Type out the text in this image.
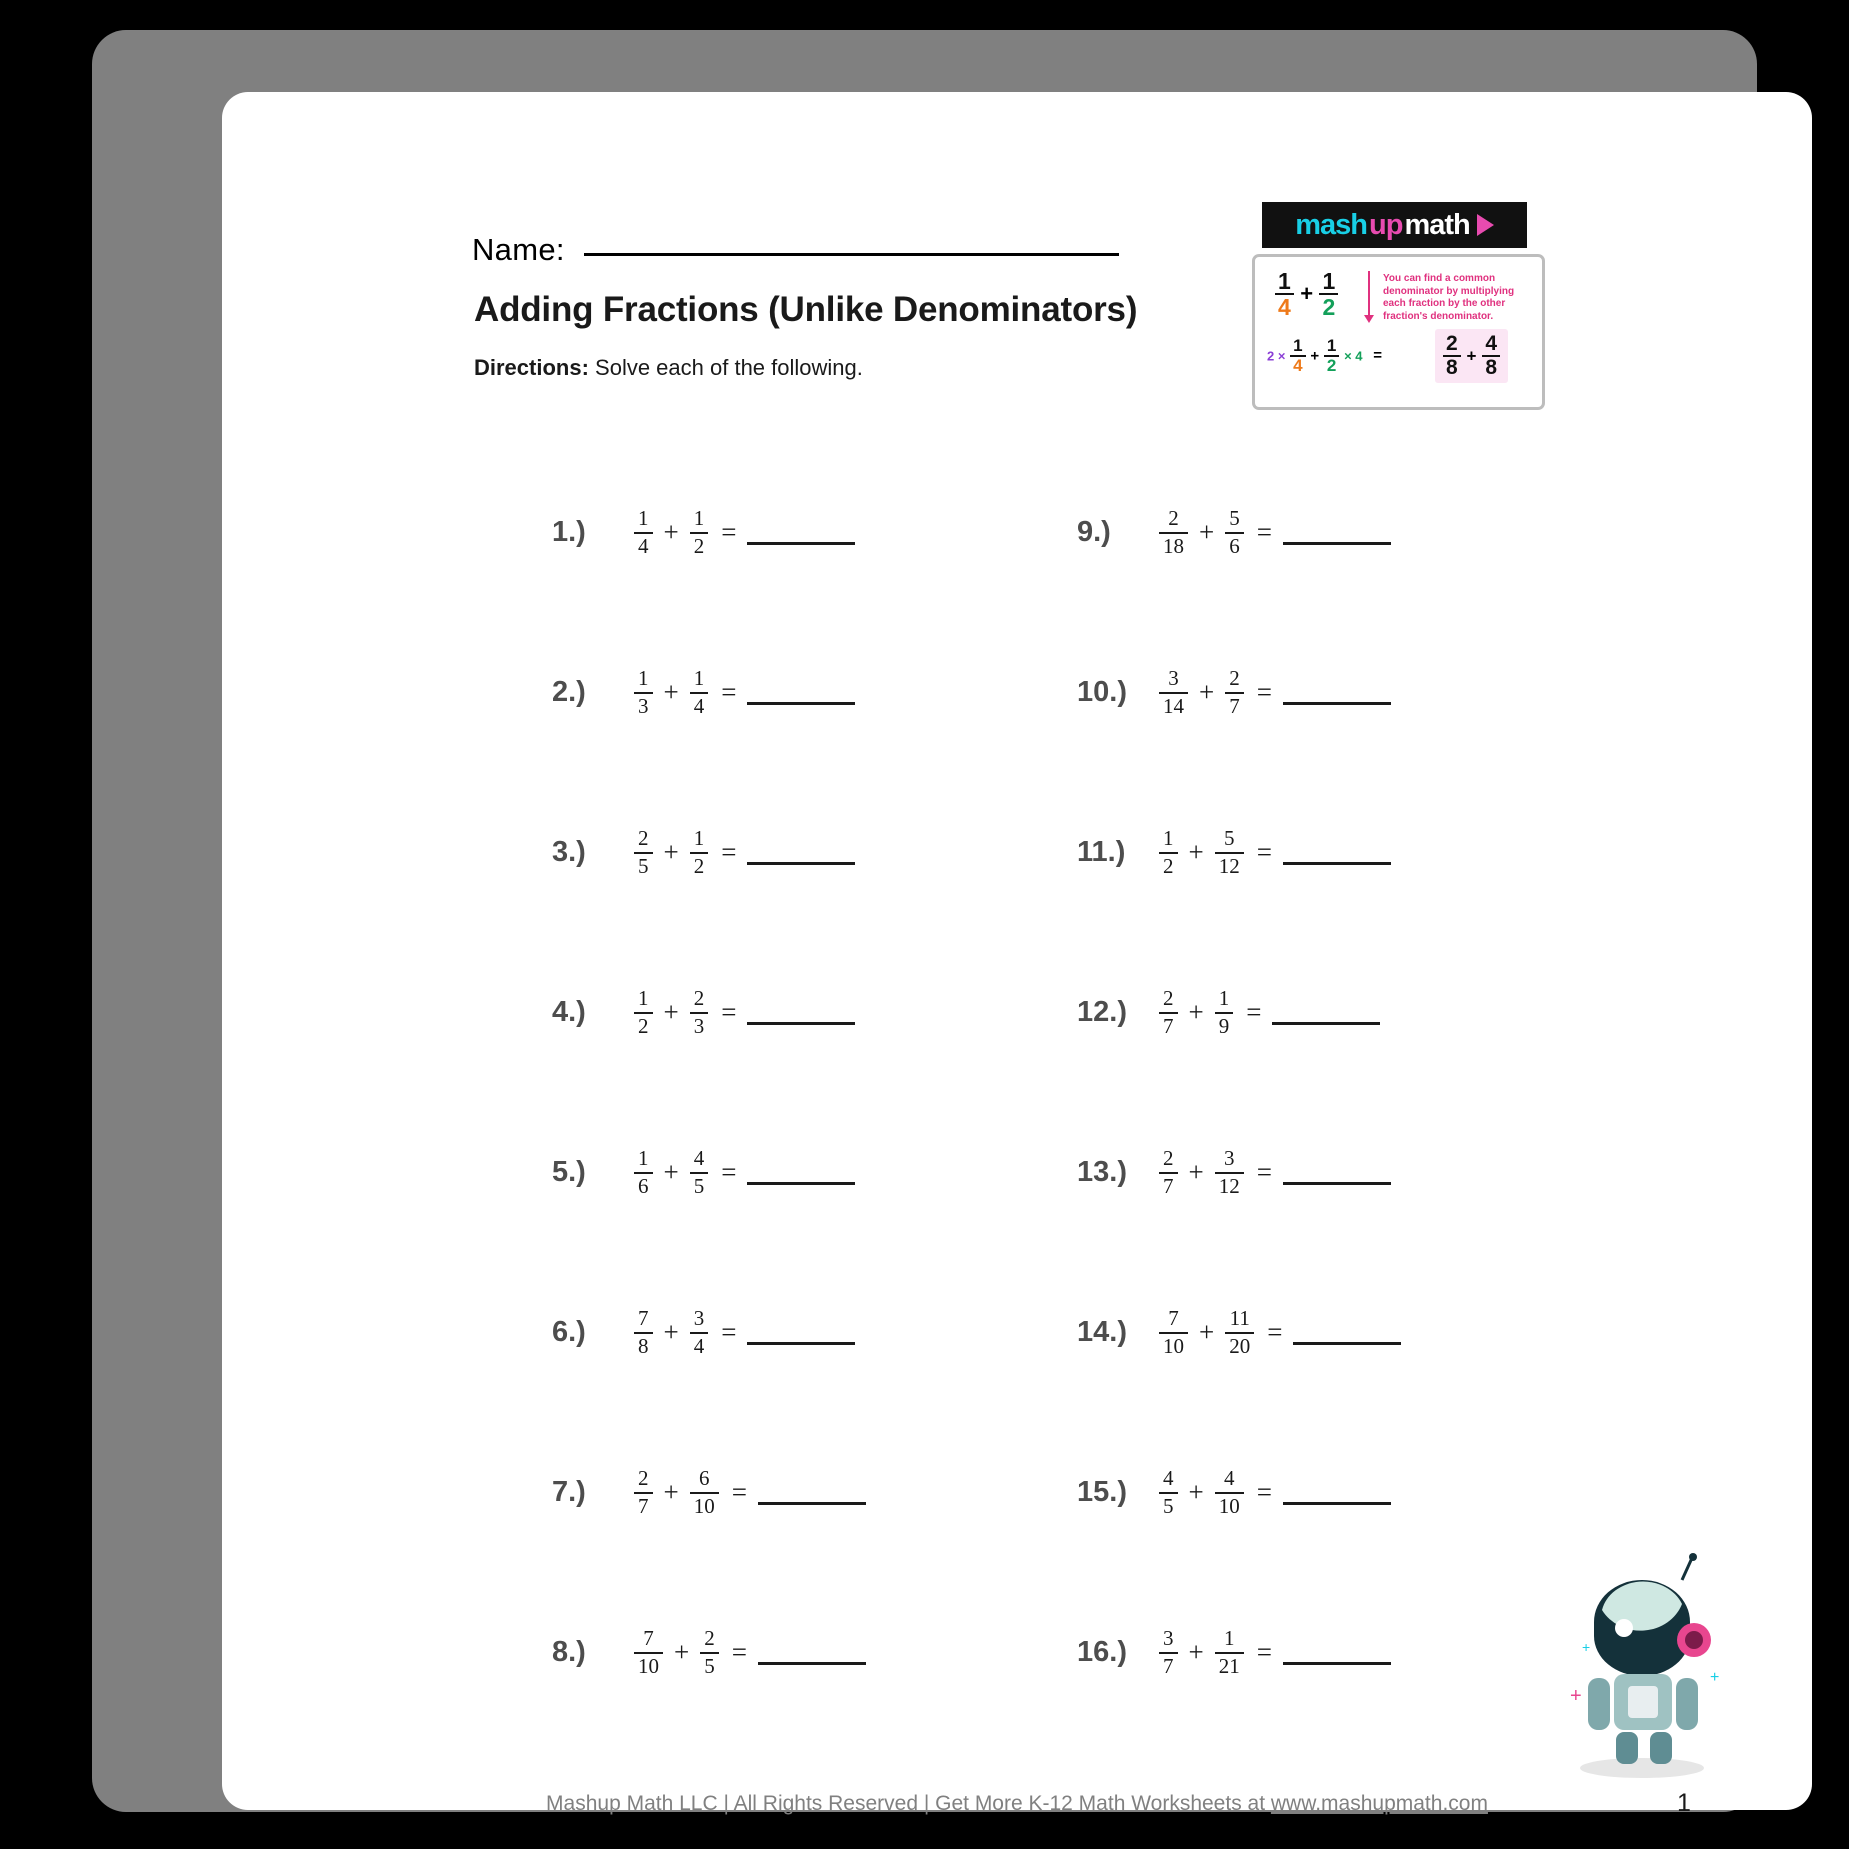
Name:
Adding Fractions (Unlike Denominators)
Directions: Solve each of the following.
mash up math
$\frac{1}{4} + \frac{1}{2}$	You can find a common denominator by multiplying each fraction by the other fraction's denominator.
$2 \times \frac{1}{4} + \frac{1}{2} \times 4$ =	$\frac{2}{8} + \frac{4}{8}$
1.)	1
4 + 1
2 =
2.)	1
3 + 1
4 =
3.)	2
5 + 1
2 =
4.)	1
2 + 2
3 =
5.)	1
6 + 4
5 =
6.)	7
8 + 3
4 =
7.)	2
7 + 6
10 =
8.)	7
10 + 2
5 =
9.)	2
18 + 5
6 =
10.)	3
14 + 2
7 =
11.)	1
2 + 5
12 =
12.)	2
7 + 1
9 =
13.)	2
7 + 3
12 =
14.)	7
10 + 11
20 =
15.)	4
5 + 4
10 =
16.)	3
7 + 1
21 =
+
+
+
Mashup Math LLC | All Rights Reserved | Get More K-12 Math Worksheets at www.mashupmath.com	1
